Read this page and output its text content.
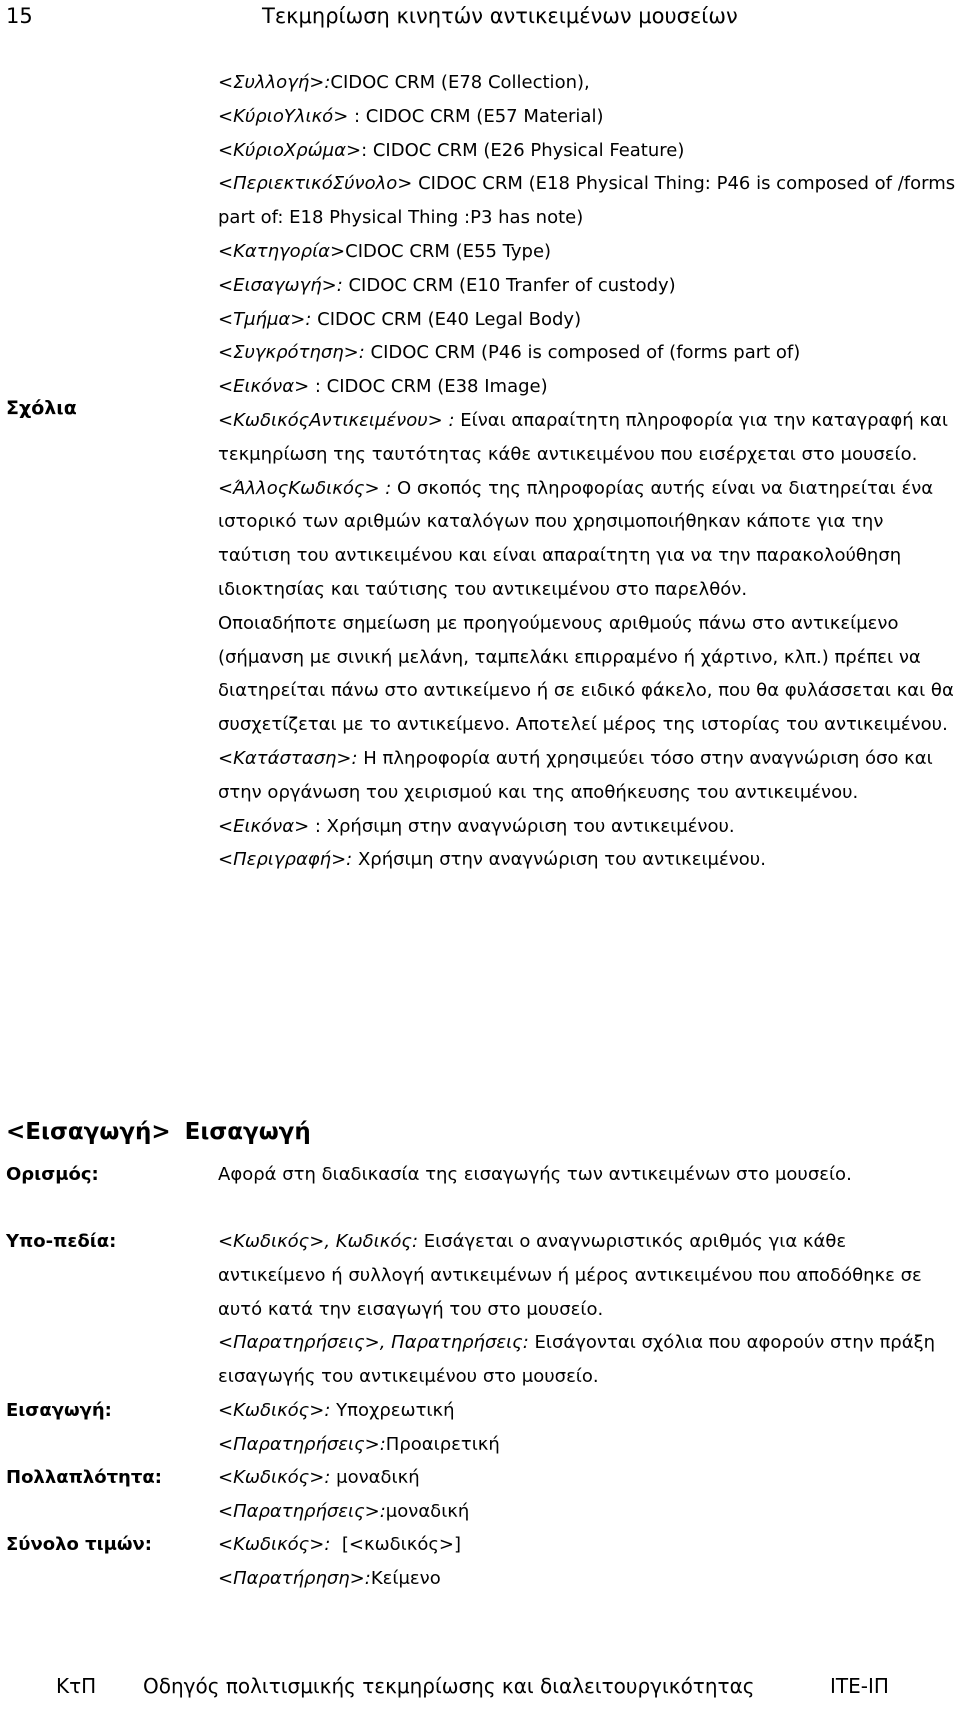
15	Τεκμηρίωση κινητών αντικειμένων μουσείων
Σχόλια

<Συλλογή>:CIDOC CRM (E78 Collection),

<ΚύριοΥλικό> : CIDOC CRM (E57 Material)

<ΚύριοΧρώμα>: CIDOC CRM (E26 Physical Feature)

<ΠεριεκτικόΣύνολο> CIDOC CRM (E18 Physical Thing: P46 is composed of /forms part of: E18 Physical Thing :P3 has note)

<Κατηγορία>CIDOC CRM (E55 Type)

<Εισαγωγή>: CIDOC CRM (E10 Tranfer of custody)

<Τμήμα>: CIDOC CRM (E40 Legal Body)

<Συγκρότηση>: CIDOC CRM (P46 is composed of (forms part of)

<Εικόνα> : CIDOC CRM (E38 Image)

<ΚωδικόςΑντικειμένου> : Είναι απαραίτητη πληροφορία για την καταγραφή και τεκμηρίωση της ταυτότητας κάθε αντικειμένου που εισέρχεται στο μουσείο.

<ΆλλοςΚωδικός> : Ο σκοπός της πληροφορίας αυτής είναι να διατηρείται ένα ιστορικό των αριθμών καταλόγων που χρησιμοποιήθηκαν κάποτε για την ταύτιση του αντικειμένου και είναι απαραίτητη για να την παρακολούθηση ιδιοκτησίας και ταύτισης του αντικειμένου στο παρελθόν.

Οποιαδήποτε σημείωση με προηγούμενους αριθμούς πάνω στο αντικείμενο (σήμανση με σινική μελάνη, ταμπελάκι επιρραμένο ή χάρτινο, κλπ.) πρέπει να διατηρείται πάνω στο αντικείμενο ή σε ειδικό φάκελο, που θα φυλάσσεται και θα συσχετίζεται με το αντικείμενο. Αποτελεί μέρος της ιστορίας του αντικειμένου.

<Κατάσταση>: Η πληροφορία αυτή χρησιμεύει τόσο στην αναγνώριση όσο και στην οργάνωση του χειρισμού και της αποθήκευσης του αντικειμένου.

<Εικόνα> : Χρήσιμη στην αναγνώριση του αντικειμένου.

<Περιγραφή>: Χρήσιμη στην αναγνώριση του αντικειμένου.

<Εισαγωγή> Εισαγωγή
Ορισμός:	Αφορά στη διαδικασία της εισαγωγής των αντικειμένων στο μουσείο.

Υπο-πεδία:	<Κωδικός>, Κωδικός: Εισάγεται ο αναγνωριστικός αριθμός για κάθε αντικείμενο ή συλλογή αντικειμένων ή μέρος αντικειμένου που αποδόθηκε σε αυτό κατά την εισαγωγή του στο μουσείο.

<Παρατηρήσεις>, Παρατηρήσεις: Εισάγονται σχόλια που αφορούν στην πράξη εισαγωγής του αντικειμένου στο μουσείο.

Εισαγωγή:	<Κωδικός>: Υποχρεωτική

<Παρατηρήσεις>:Προαιρετική

Πολλαπλότητα:	<Κωδικός>: μοναδική

<Παρατηρήσεις>:μοναδική

Σύνολο τιμών:	<Κωδικός>:  [<κωδικός>]

<Παρατήρηση>:Κείμενο

ΚτΠ Οδηγός πολιτισμικής τεκμηρίωσης και διαλειτουργικότητας	ΙΤΕ-ΙΠ
